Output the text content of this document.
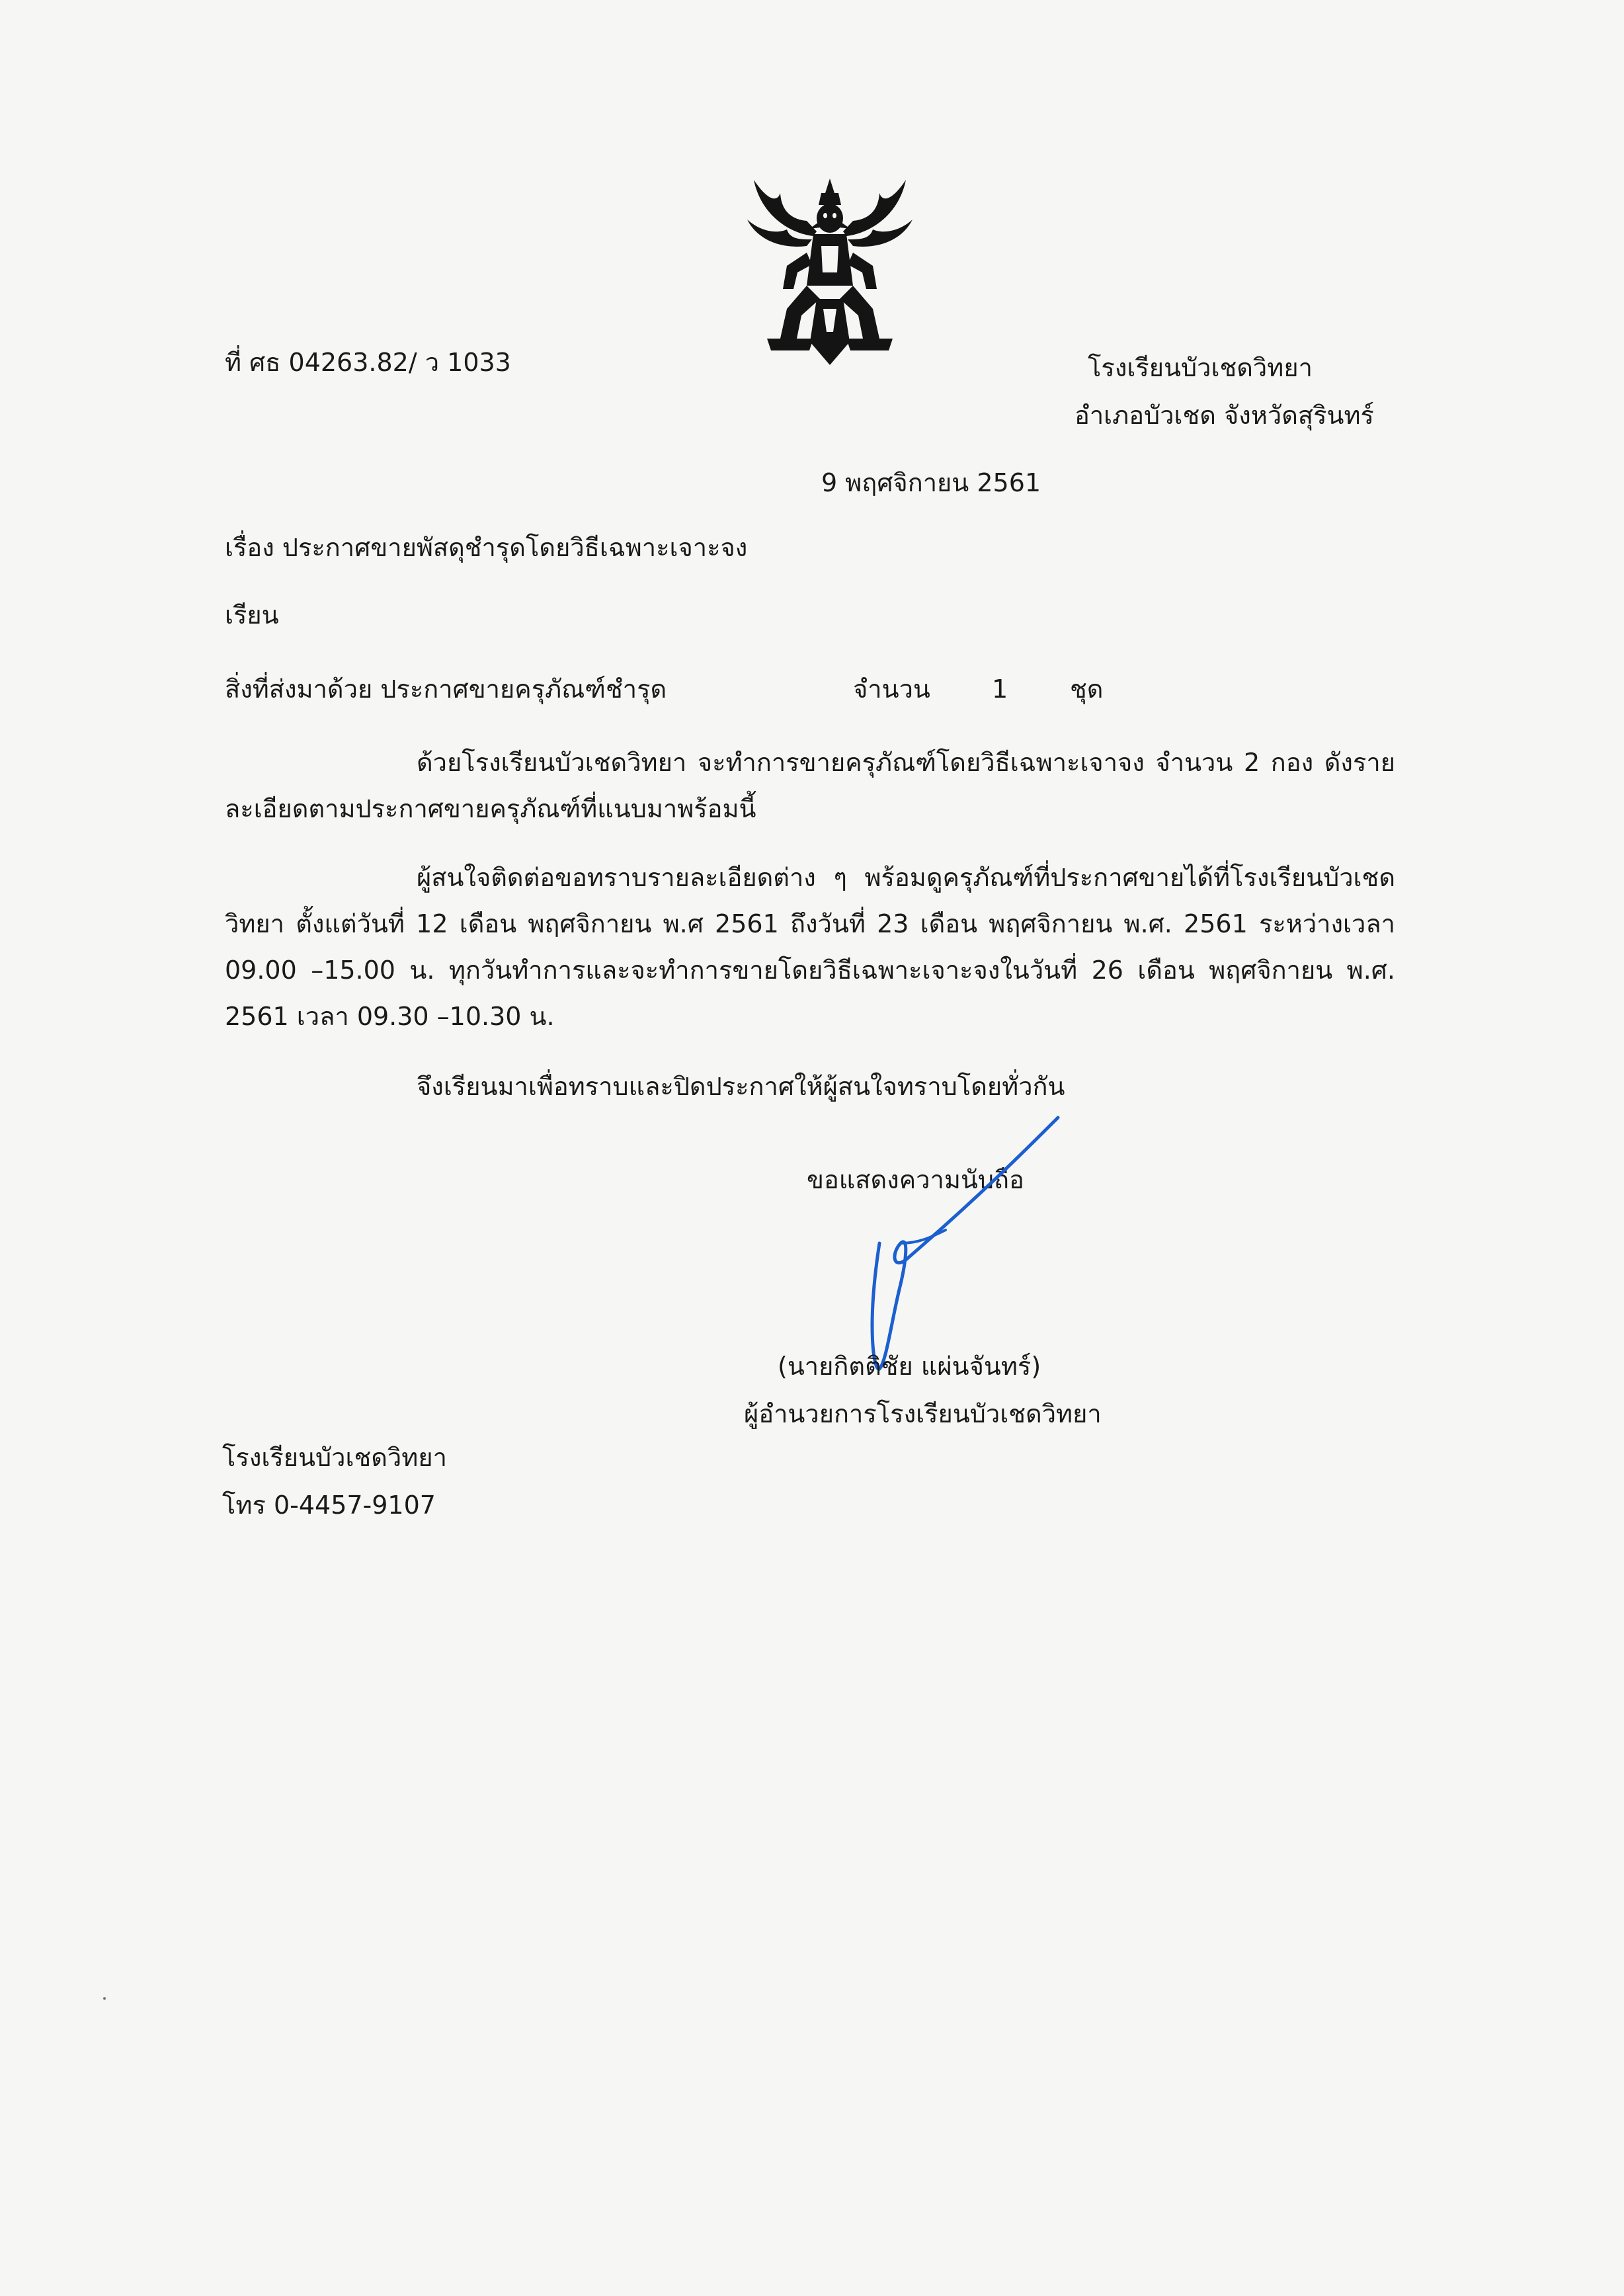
ที่ ศธ 04263.82/ ว 1033	โรงเรียนบัวเชดวิทยา
อำเภอบัวเชด จังหวัดสุรินทร์
9 พฤศจิกายน 2561
เรื่อง ประกาศขายพัสดุชำรุดโดยวิธีเฉพาะเจาะจง
เรียน
สิ่งที่ส่งมาด้วย ประกาศขายครุภัณฑ์ชำรุด	จำนวน 1 ชุด
ด้วยโรงเรียนบัวเชดวิทยา จะทำการขายครุภัณฑ์โดยวิธีเฉพาะเจาจง จำนวน 2 กอง ดังรายละเอียดตามประกาศขายครุภัณฑ์ที่แนบมาพร้อมนี้
ผู้สนใจติดต่อขอทราบรายละเอียดต่าง ๆ พร้อมดูครุภัณฑ์ที่ประกาศขายได้ที่โรงเรียนบัวเชดวิทยา ตั้งแต่วันที่ 12 เดือน พฤศจิกายน พ.ศ 2561 ถึงวันที่ 23 เดือน พฤศจิกายน พ.ศ. 2561 ระหว่างเวลา 09.00 –15.00 น. ทุกวันทำการและจะทำการขายโดยวิธีเฉพาะเจาะจงในวันที่ 26 เดือน พฤศจิกายน พ.ศ. 2561 เวลา 09.30 –10.30 น.
จึงเรียนมาเพื่อทราบและปิดประกาศให้ผู้สนใจทราบโดยทั่วกัน
ขอแสดงความนับถือ
(นายกิตติชัย แผ่นจันทร์)
ผู้อำนวยการโรงเรียนบัวเชดวิทยา
โรงเรียนบัวเชดวิทยา
โทร 0-4457-9107
